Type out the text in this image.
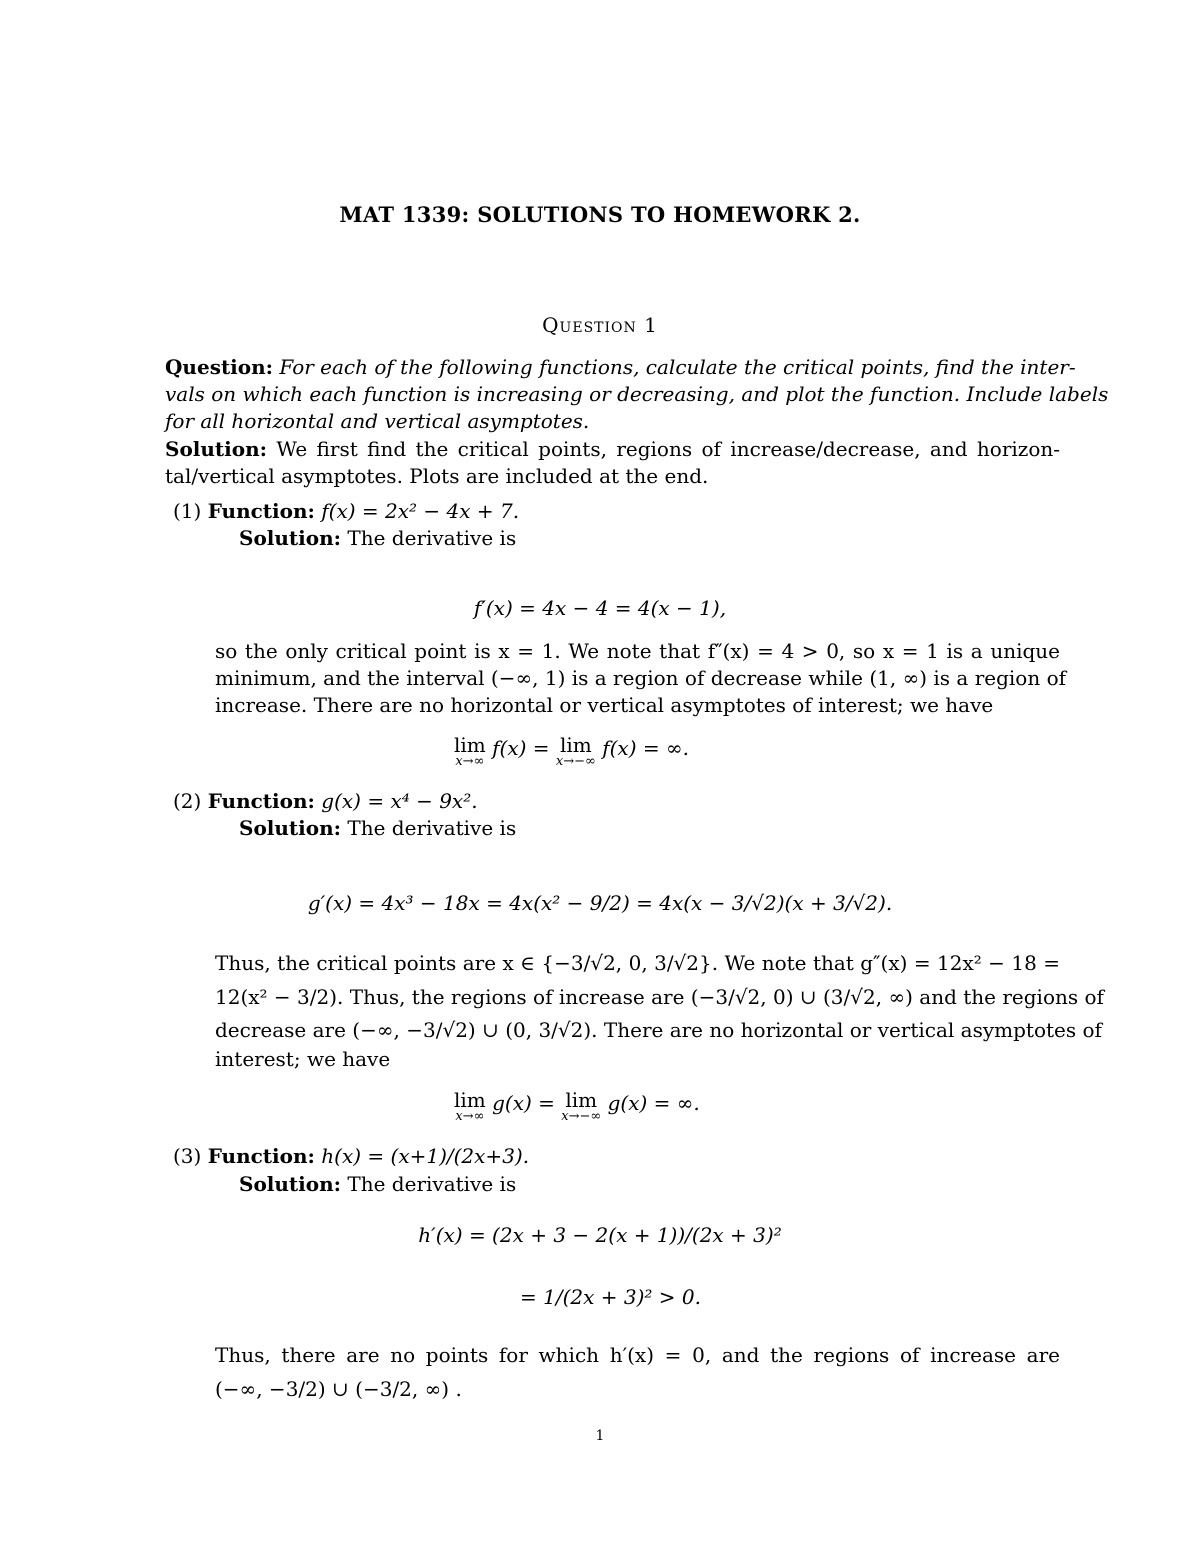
MAT 1339: SOLUTIONS TO HOMEWORK 2.
Question 1
Question: For each of the following functions, calculate the critical points, find the inter-
vals on which each function is increasing or decreasing, and plot the function. Include labels
for all horizontal and vertical asymptotes.
Solution: We first find the critical points, regions of increase/decrease, and horizon-
tal/vertical asymptotes. Plots are included at the end.
(1) Function: f(x) = 2x² − 4x + 7.
Solution: The derivative is
f′(x) = 4x − 4 = 4(x − 1),
so the only critical point is x = 1. We note that f″(x) = 4 > 0, so x = 1 is a unique
minimum, and the interval (−∞, 1) is a region of decrease while (1, ∞) is a region of
increase. There are no horizontal or vertical asymptotes of interest; we have
lim
x→∞
f(x) = lim
x→−∞
f(x) = ∞.
(2) Function: g(x) = x⁴ − 9x².
Solution: The derivative is
g′(x) = 4x³ − 18x = 4x(x² − 9/2) = 4x(x − 3/√2)(x + 3/√2).
Thus, the critical points are x ∈ {−3/√2, 0, 3/√2}. We note that g″(x) = 12x² − 18 =
12(x² − 3/2). Thus, the regions of increase are (−3/√2, 0) ∪ (3/√2, ∞) and the regions of
decrease are (−∞, −3/√2) ∪ (0, 3/√2). There are no horizontal or vertical asymptotes of
interest; we have
lim
x→∞
g(x) = lim
x→−∞
g(x) = ∞.
(3) Function: h(x) = (x+1)/(2x+3).
Solution: The derivative is
h′(x) = (2x + 3 − 2(x + 1))/(2x + 3)²
= 1/(2x + 3)² > 0.
Thus, there are no points for which h′(x) = 0, and the regions of increase are
(−∞, −3/2) ∪ (−3/2, ∞) .
1
